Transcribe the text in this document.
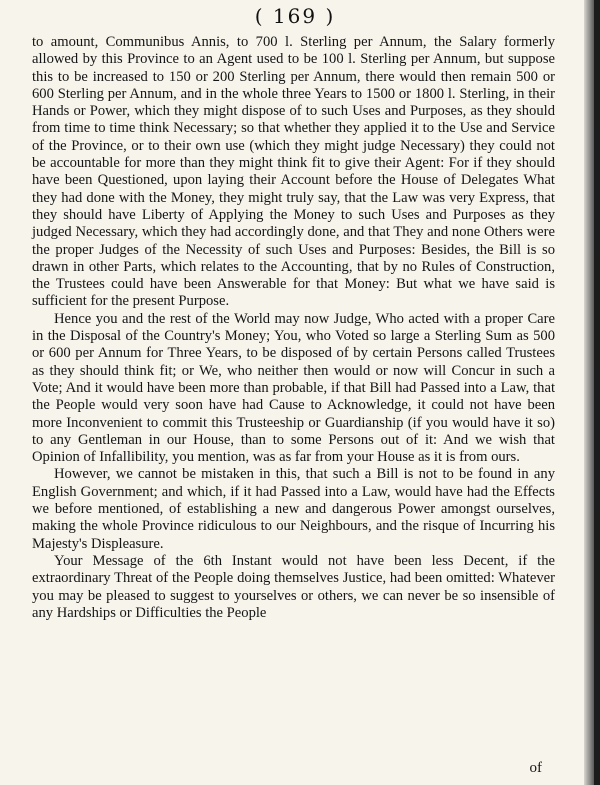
( 169 )

to amount, Communibus Annis, to 700 l. Sterling per Annum, the Salary formerly allowed by this Province to an Agent used to be 100 l. Sterling per Annum, but suppose this to be increased to 150 or 200 Sterling per Annum, there would then remain 500 or 600 Sterling per Annum, and in the whole three Years to 1500 or 1800 l. Sterling, in their Hands or Power, which they might dispose of to such Uses and Purposes, as they should from time to time think Necessary; so that whether they applied it to the Use and Service of the Province, or to their own use (which they might judge Necessary) they could not be accountable for more than they might think fit to give their Agent: For if they should have been Questioned, upon laying their Account before the House of Delegates What they had done with the Money, they might truly say, that the Law was very Express, that they should have Liberty of Applying the Money to such Uses and Purposes as they judged Necessary, which they had accordingly done, and that They and none Others were the proper Judges of the Necessity of such Uses and Purposes: Besides, the Bill is so drawn in other Parts, which relates to the Accounting, that by no Rules of Construction, the Trustees could have been Answerable for that Money: But what we have said is sufficient for the present Purpose.

Hence you and the rest of the World may now Judge, Who acted with a proper Care in the Disposal of the Country's Money; You, who Voted so large a Sterling Sum as 500 or 600 per Annum for Three Years, to be disposed of by certain Persons called Trustees as they should think fit; or We, who neither then would or now will Concur in such a Vote; And it would have been more than probable, if that Bill had Passed into a Law, that the People would very soon have had Cause to Acknowledge, it could not have been more Inconvenient to commit this Trusteeship or Guardianship (if you would have it so) to any Gentleman in our House, than to some Persons out of it: And we wish that Opinion of Infallibility, you mention, was as far from your House as it is from ours.

However, we cannot be mistaken in this, that such a Bill is not to be found in any English Government; and which, if it had Passed into a Law, would have had the Effects we before mentioned, of establishing a new and dangerous Power amongst ourselves, making the whole Province ridiculous to our Neighbours, and the risque of Incurring his Majesty's Displeasure.

Your Message of the 6th Instant would not have been less Decent, if the extraordinary Threat of the People doing themselves Justice, had been omitted: Whatever you may be pleased to suggest to yourselves or others, we can never be so insensible of any Hardships or Difficulties the People

of
